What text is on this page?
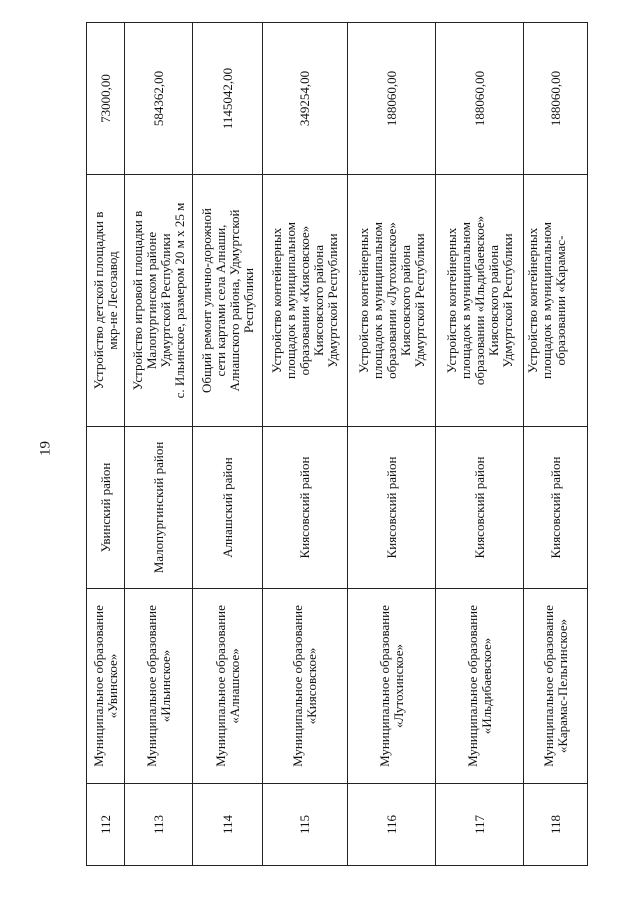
19
112	Муниципальное образование «Увинское»	Увинский район	Устройство детской площадки в мкр-не Лесозавод	73000,00
113	Муниципальное образование «Ильинское»	Малопургинский район	Устройство игровой площадки в Малопургинском районе Удмуртской Республики с. Ильинское, размером 20 м х 25 м	584362,00
114	Муниципальное образование «Алнашское»	Алнашский район	Общий ремонт улично-дорожной сети картами села Алнаши, Алнашского района, Удмуртской Республики	1145042,00
115	Муниципальное образование «Киясовское»	Киясовский район	Устройство контейнерных площадок в муниципальном образовании «Киясовское» Киясовского района Удмуртской Республики	349254,00
116	Муниципальное образование «Лутохинское»	Киясовский район	Устройство контейнерных площадок в муниципальном образовании «Лутохинское» Киясовского района Удмуртской Республики	188060,00
117	Муниципальное образование «Ильдибаевское»	Киясовский район	Устройство контейнерных площадок в муниципальном образовании «Ильдибаевское» Киясовского района Удмуртской Республики	188060,00
118	Муниципальное образование «Карамас-Пельгинское»	Киясовский район	Устройство контейнерных площадок в муниципальном образовании «Карамас-	188060,00
